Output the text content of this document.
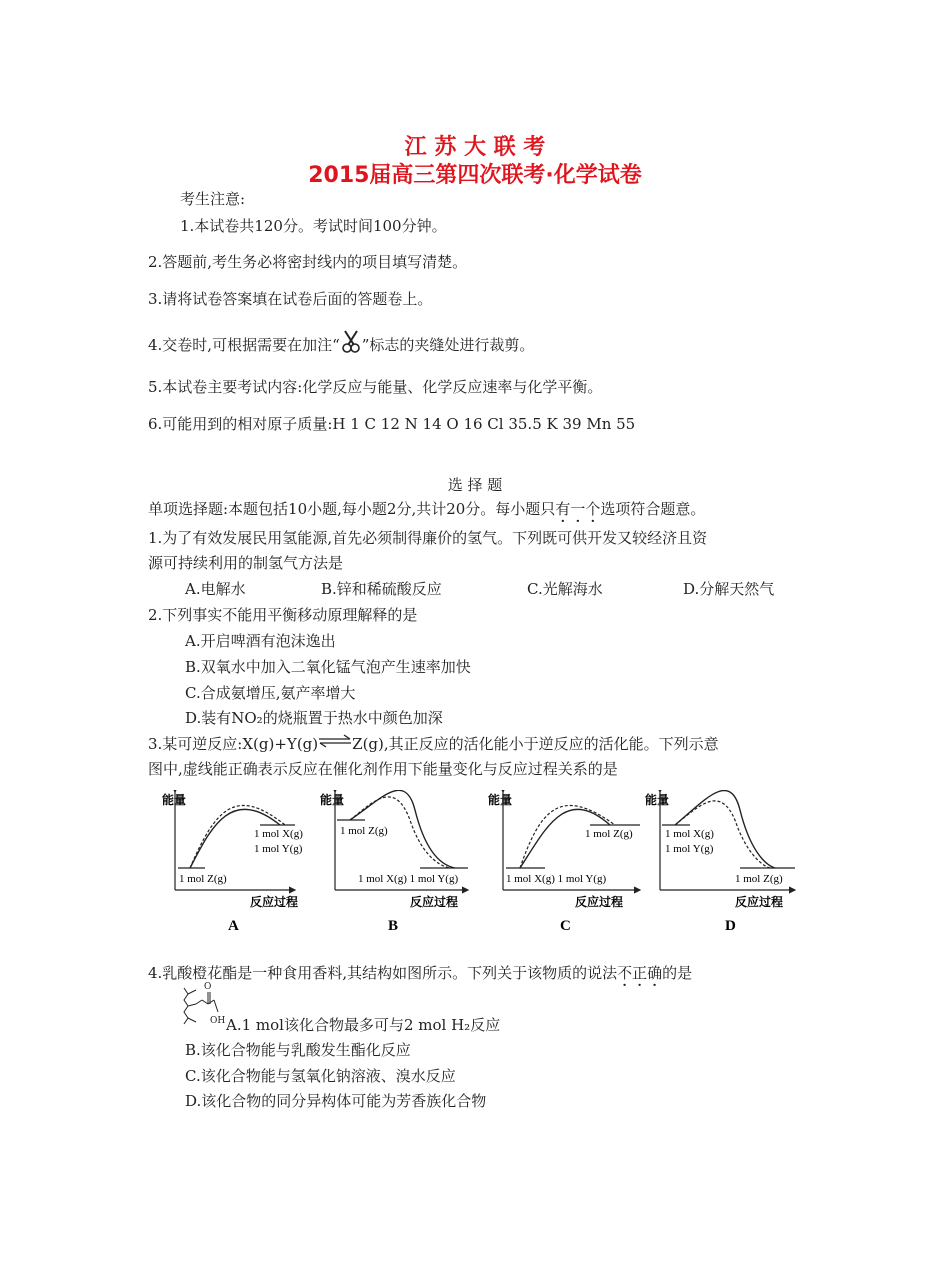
江 苏 大 联 考
2015届高三第四次联考·化学试卷
考生注意:
1.本试卷共120分。考试时间100分钟。
2.答题前,考生务必将密封线内的项目填写清楚。
3.请将试卷答案填在试卷后面的答题卷上。
4.交卷时,可根据需要在加注“ ”标志的夹缝处进行裁剪。
5.本试卷主要考试内容:化学反应与能量、化学反应速率与化学平衡。
6.可能用到的相对原子质量:H 1 C 12 N 14 O 16 Cl 35.5 K 39 Mn 55
选 择 题
单项选择题:本题包括10小题,每小题2分,共计20分。每小题只有一个选项符合题意。
1.为了有效发展民用氢能源,首先必须制得廉价的氢气。下列既可供开发又较经济且资
源可持续利用的制氢气方法是
A.电解水	B.锌和稀硫酸反应	C.光解海水	D.分解天然气
2.下列事实不能用平衡移动原理解释的是
A.开启啤酒有泡沫逸出
B.双氧水中加入二氧化锰气泡产生速率加快
C.合成氨增压,氨产率增大
D.装有NO₂的烧瓶置于热水中颜色加深
3.某可逆反应:X(g)+Y(g)⇌Z(g),其正反应的活化能小于逆反应的活化能。下列示意
图中,虚线能正确表示反应在催化剂作用下能量变化与反应过程关系的是
能量
1 mol Z(g)
1 mol X(g)
1 mol Y(g)
反应过程
A
能量
1 mol Z(g)
1 mol X(g) 1 mol Y(g)
反应过程
B
能量
1 mol Z(g)
1 mol X(g) 1 mol Y(g)
反应过程
C
能量
1 mol X(g)
1 mol Y(g)
1 mol Z(g)
反应过程
D
4.乳酸橙花酯是一种食用香料,其结构如图所示。下列关于该物质的说法不正确的是
O
OH A.1 mol该化合物最多可与2 mol H₂反应
B.该化合物能与乳酸发生酯化反应
C.该化合物能与氢氧化钠溶液、溴水反应
D.该化合物的同分异构体可能为芳香族化合物
